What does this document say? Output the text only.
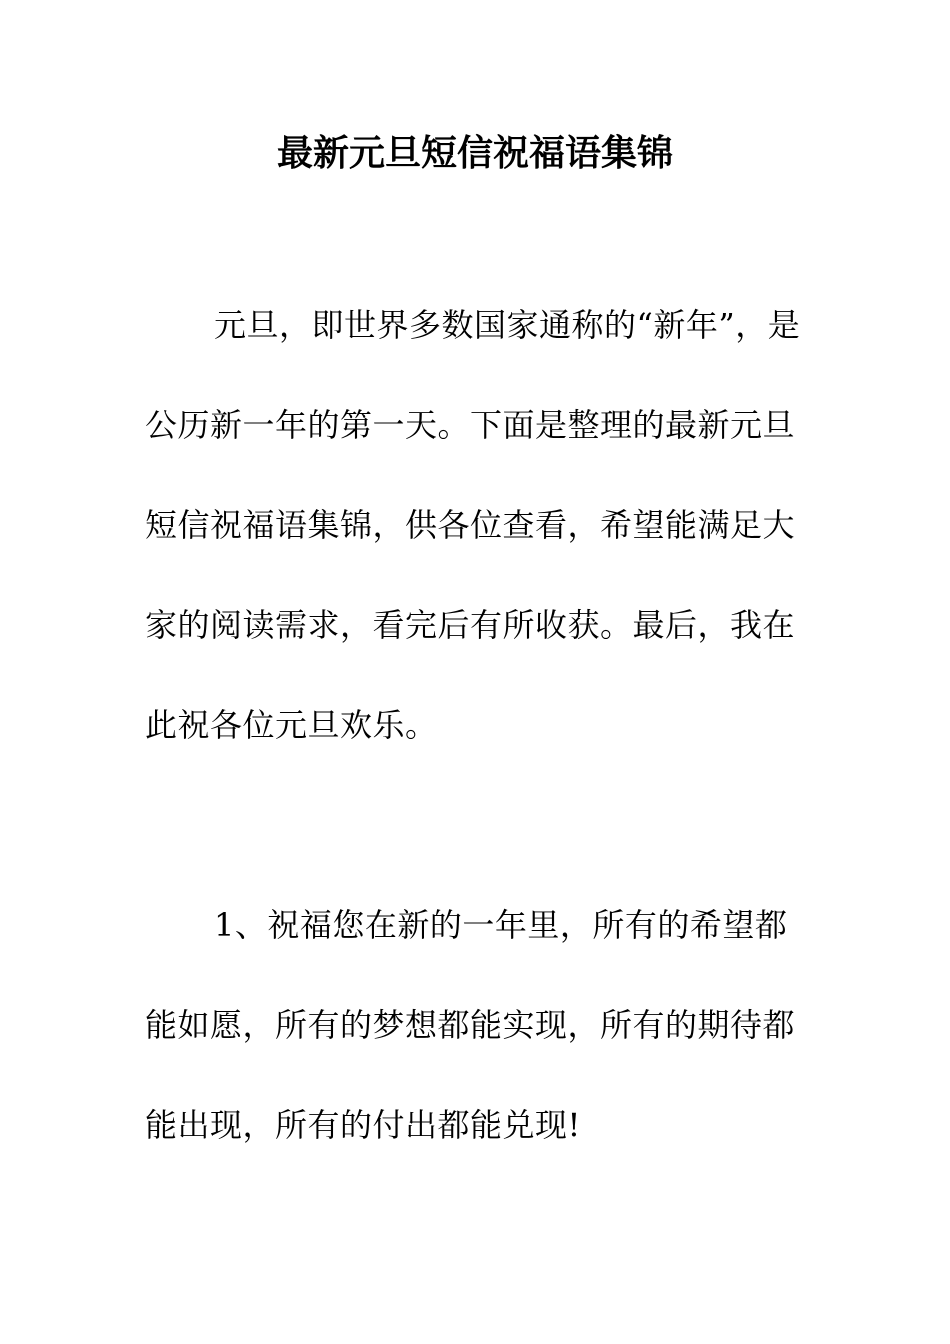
最新元旦短信祝福语集锦

元旦，即世界多数国家通称的“新年”，是公历新一年的第一天。下面是整理的最新元旦短信祝福语集锦，供各位查看，希望能满足大家的阅读需求，看完后有所收获。最后，我在此祝各位元旦欢乐。

1、祝福您在新的一年里，所有的希望都能如愿，所有的梦想都能实现，所有的期待都能出现，所有的付出都能兑现!
